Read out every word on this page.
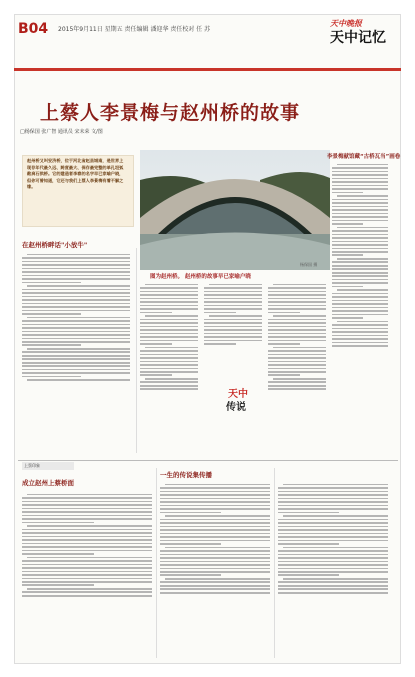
B04 2015年9月11日 星期五 责任编辑 潘迎华 责任校对 任 苏
天中晚报
天中记忆
上蔡人李景梅与赵州桥的故事
□杨保国 张广智 通讯员 宋未荣 文/图
赵州桥又叫安济桥，位于河北省赵县城南，是世界上现存年代最久远、跨度最大、保存最完整的单孔坦弧敞肩石拱桥。它的建造者李春的名字早已家喻户晓，但你可曾知道，它还与我们上蔡人李景梅有着不解之缘。
杨保国 摄
图为赵州桥。 赵州桥的故事早已家喻户晓
在赵州桥畔话"小放牛"
李景梅献馆藏“古桥瓦当”画卷
天中
传说
上蔡印象
成立赵州上蔡桥面
一生的传说集传播
